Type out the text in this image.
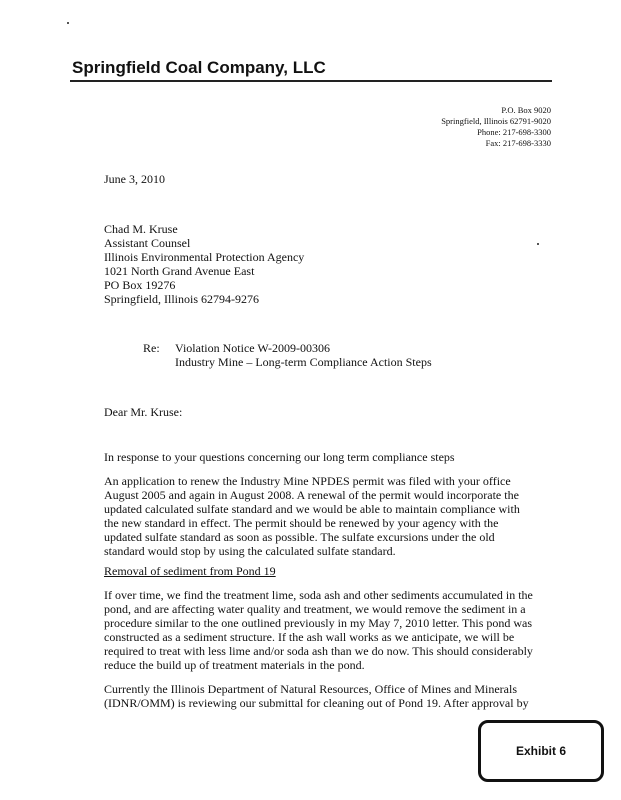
Springfield Coal Company, LLC
P.O. Box 9020
Springfield, Illinois 62791-9020
Phone: 217-698-3300
Fax: 217-698-3330
June 3, 2010
Chad M. Kruse
Assistant Counsel
Illinois Environmental Protection Agency
1021 North Grand Avenue East
PO Box 19276
Springfield, Illinois 62794-9276
Re: Violation Notice W-2009-00306
Industry Mine – Long-term Compliance Action Steps
Dear Mr. Kruse:
In response to your questions concerning our long term compliance steps
An application to renew the Industry Mine NPDES permit was filed with your office
August 2005 and again in August 2008. A renewal of the permit would incorporate the
updated calculated sulfate standard and we would be able to maintain compliance with
the new standard in effect. The permit should be renewed by your agency with the
updated sulfate standard as soon as possible. The sulfate excursions under the old
standard would stop by using the calculated sulfate standard.
Removal of sediment from Pond 19
If over time, we find the treatment lime, soda ash and other sediments accumulated in the
pond, and are affecting water quality and treatment, we would remove the sediment in a
procedure similar to the one outlined previously in my May 7, 2010 letter. This pond was
constructed as a sediment structure. If the ash wall works as we anticipate, we will be
required to treat with less lime and/or soda ash than we do now. This should considerably
reduce the build up of treatment materials in the pond.
Currently the Illinois Department of Natural Resources, Office of Mines and Minerals
(IDNR/OMM) is reviewing our submittal for cleaning out of Pond 19. After approval by
Exhibit 6
